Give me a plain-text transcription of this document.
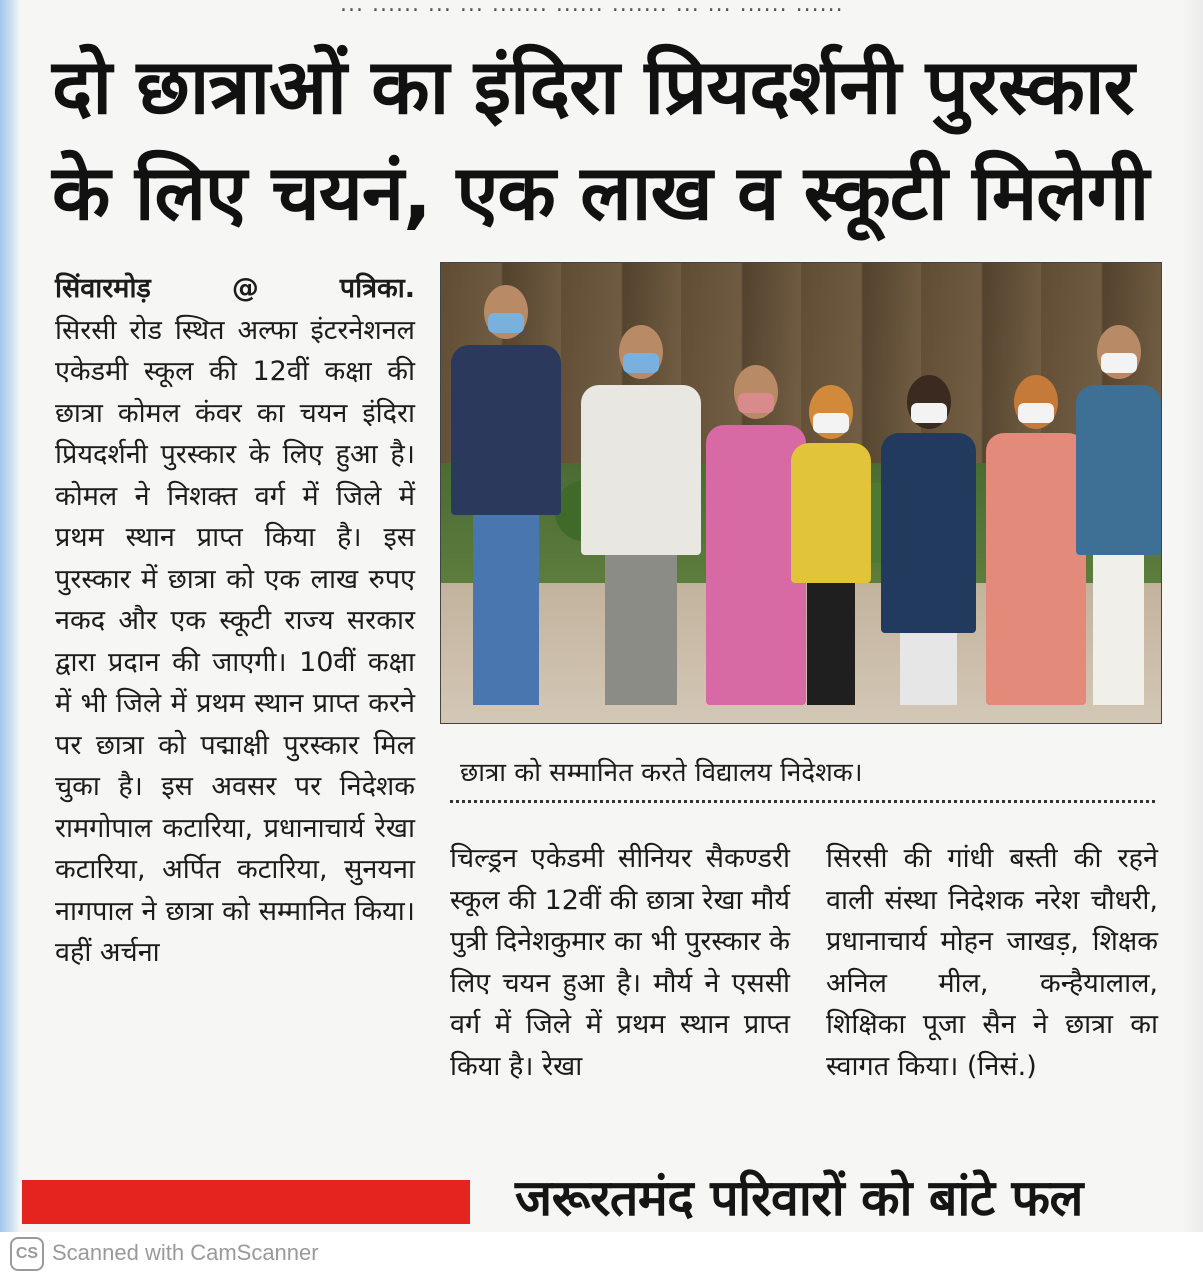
... ...... ... ... ....... ...... ....... ... ... ...... ......
दो छात्राओं का इंदिरा प्रियदर्शनी पुरस्कार
के लिए चयनं, एक लाख व स्कूटी मिलेगी
सिंवारमोड़	@	पत्रिका.
सिरसी रोड स्थित अल्फा इंटरनेशनल एकेडमी स्कूल की 12वीं कक्षा की छात्रा कोमल कंवर का चयन इंदिरा प्रियदर्शनी पुरस्कार के लिए हुआ है। कोमल ने निशक्त वर्ग में जिले में प्रथम स्थान प्राप्त किया है। इस पुरस्कार में छात्रा को एक लाख रुपए नकद और एक स्कूटी राज्य सरकार द्वारा प्रदान की जाएगी। 10वीं कक्षा में भी जिले में प्रथम स्थान प्राप्त करने पर छात्रा को पद्माक्षी पुरस्कार मिल चुका है। इस अवसर पर निदेशक रामगोपाल कटारिया, प्रधानाचार्य रेखा कटारिया, अर्पित कटारिया, सुनयना नागपाल ने छात्रा को सम्मानित किया। वहीं अर्चना
छात्रा को सम्मानित करते विद्यालय निदेशक।
चिल्ड्रन एकेडमी सीनियर सैकण्डरी स्कूल की 12वीं की छात्रा रेखा मौर्य पुत्री दिनेशकुमार का भी पुरस्कार के लिए चयन हुआ है। मौर्य ने एससी वर्ग में जिले में प्रथम स्थान प्राप्त किया है। रेखा
सिरसी की गांधी बस्ती की रहने वाली संस्था निदेशक नरेश चौधरी, प्रधानाचार्य मोहन जाखड़, शिक्षक अनिल मील, कन्हैयालाल, शिक्षिका पूजा सैन ने छात्रा का स्वागत किया। (निसं.)
जरूरतमंद परिवारों को बांटे फल
CS Scanned with CamScanner
